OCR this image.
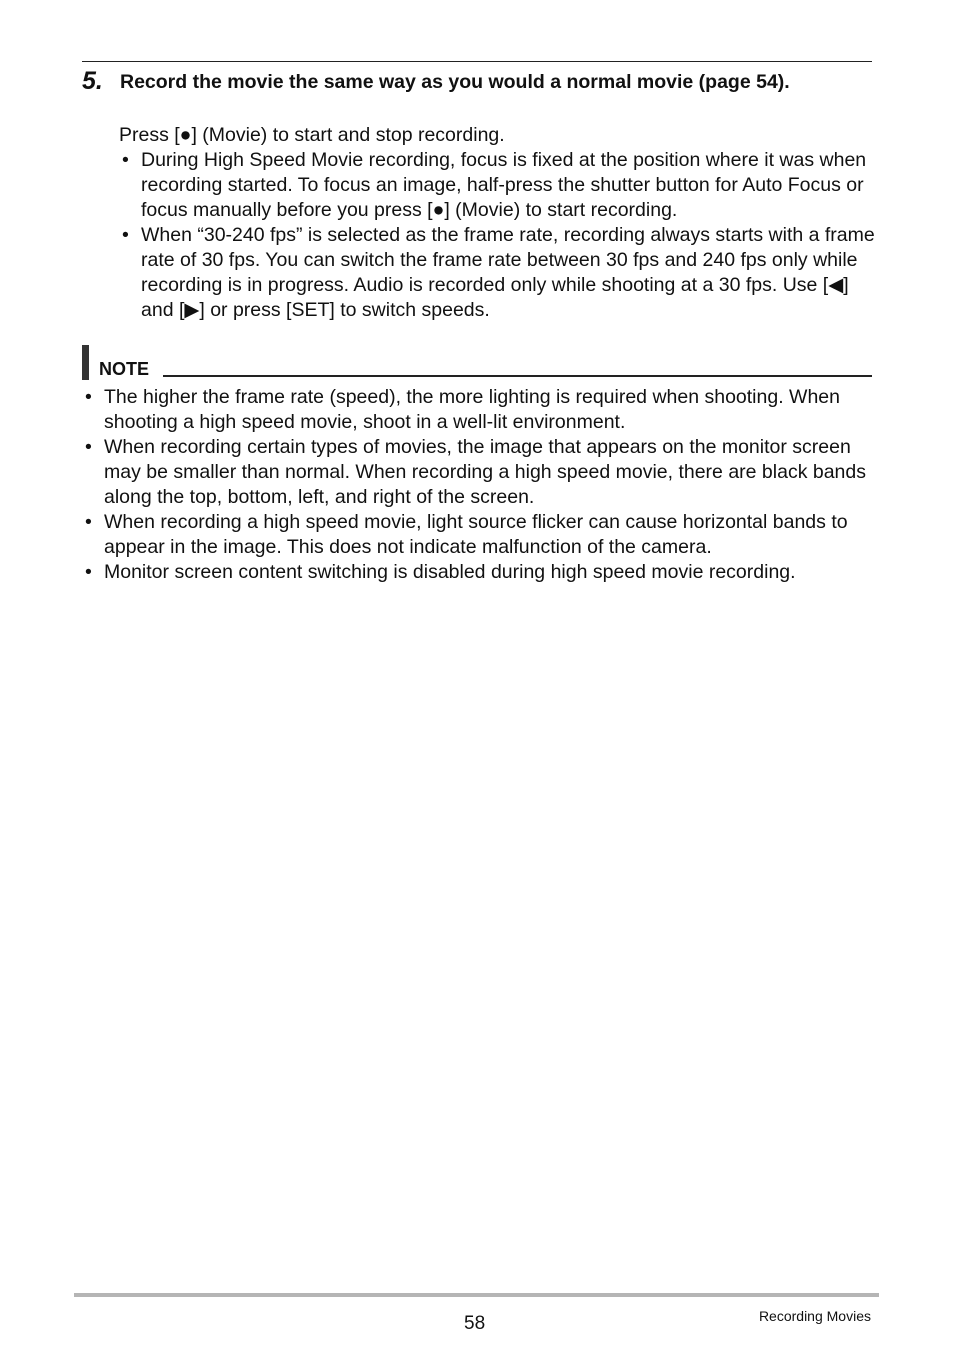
5. Record the movie the same way as you would a normal movie (page 54).
Press [●] (Movie) to start and stop recording.
• During High Speed Movie recording, focus is fixed at the position where it was when recording started. To focus an image, half-press the shutter button for Auto Focus or focus manually before you press [●] (Movie) to start recording.
• When “30-240 fps” is selected as the frame rate, recording always starts with a frame rate of 30 fps. You can switch the frame rate between 30 fps and 240 fps only while recording is in progress. Audio is recorded only while shooting at a 30 fps. Use [◀] and [▶] or press [SET] to switch speeds.
NOTE
• The higher the frame rate (speed), the more lighting is required when shooting. When shooting a high speed movie, shoot in a well-lit environment.
• When recording certain types of movies, the image that appears on the monitor screen may be smaller than normal. When recording a high speed movie, there are black bands along the top, bottom, left, and right of the screen.
• When recording a high speed movie, light source flicker can cause horizontal bands to appear in the image. This does not indicate malfunction of the camera.
• Monitor screen content switching is disabled during high speed movie recording.
58	Recording Movies
